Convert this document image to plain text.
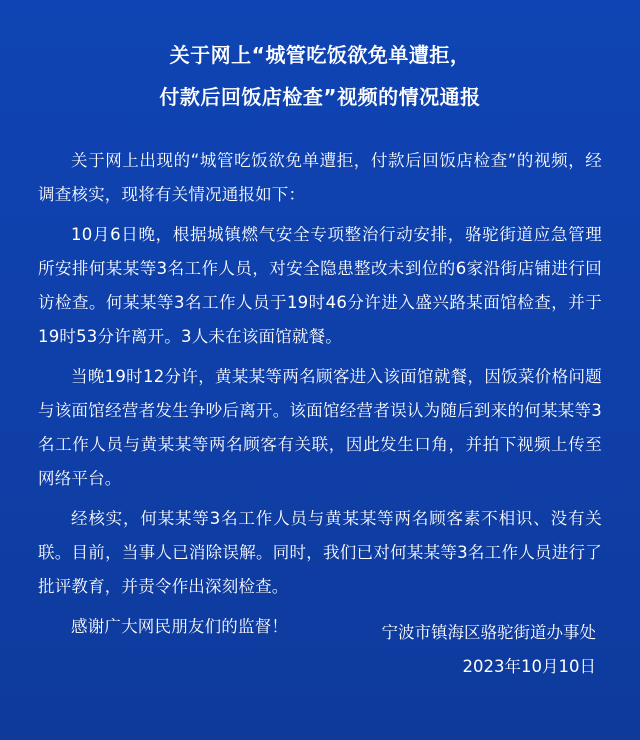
关于网上“城管吃饭欲免单遭拒，
付款后回饭店检查”视频的情况通报

关于网上出现的“城管吃饭欲免单遭拒，付款后回饭店检查”的视频，经调查核实，现将有关情况通报如下：

10月6日晚，根据城镇燃气安全专项整治行动安排，骆驼街道应急管理所安排何某某等3名工作人员，对安全隐患整改未到位的6家沿街店铺进行回访检查。何某某等3名工作人员于19时46分许进入盛兴路某面馆检查，并于19时53分许离开。3人未在该面馆就餐。

当晚19时12分许，黄某某等两名顾客进入该面馆就餐，因饭菜价格问题与该面馆经营者发生争吵后离开。该面馆经营者误认为随后到来的何某某等3名工作人员与黄某某等两名顾客有关联，因此发生口角，并拍下视频上传至网络平台。

经核实，何某某等3名工作人员与黄某某等两名顾客素不相识、没有关联。目前，当事人已消除误解。同时，我们已对何某某等3名工作人员进行了批评教育，并责令作出深刻检查。

感谢广大网民朋友们的监督！	宁波市镇海区骆驼街道办事处
2023年10月10日
